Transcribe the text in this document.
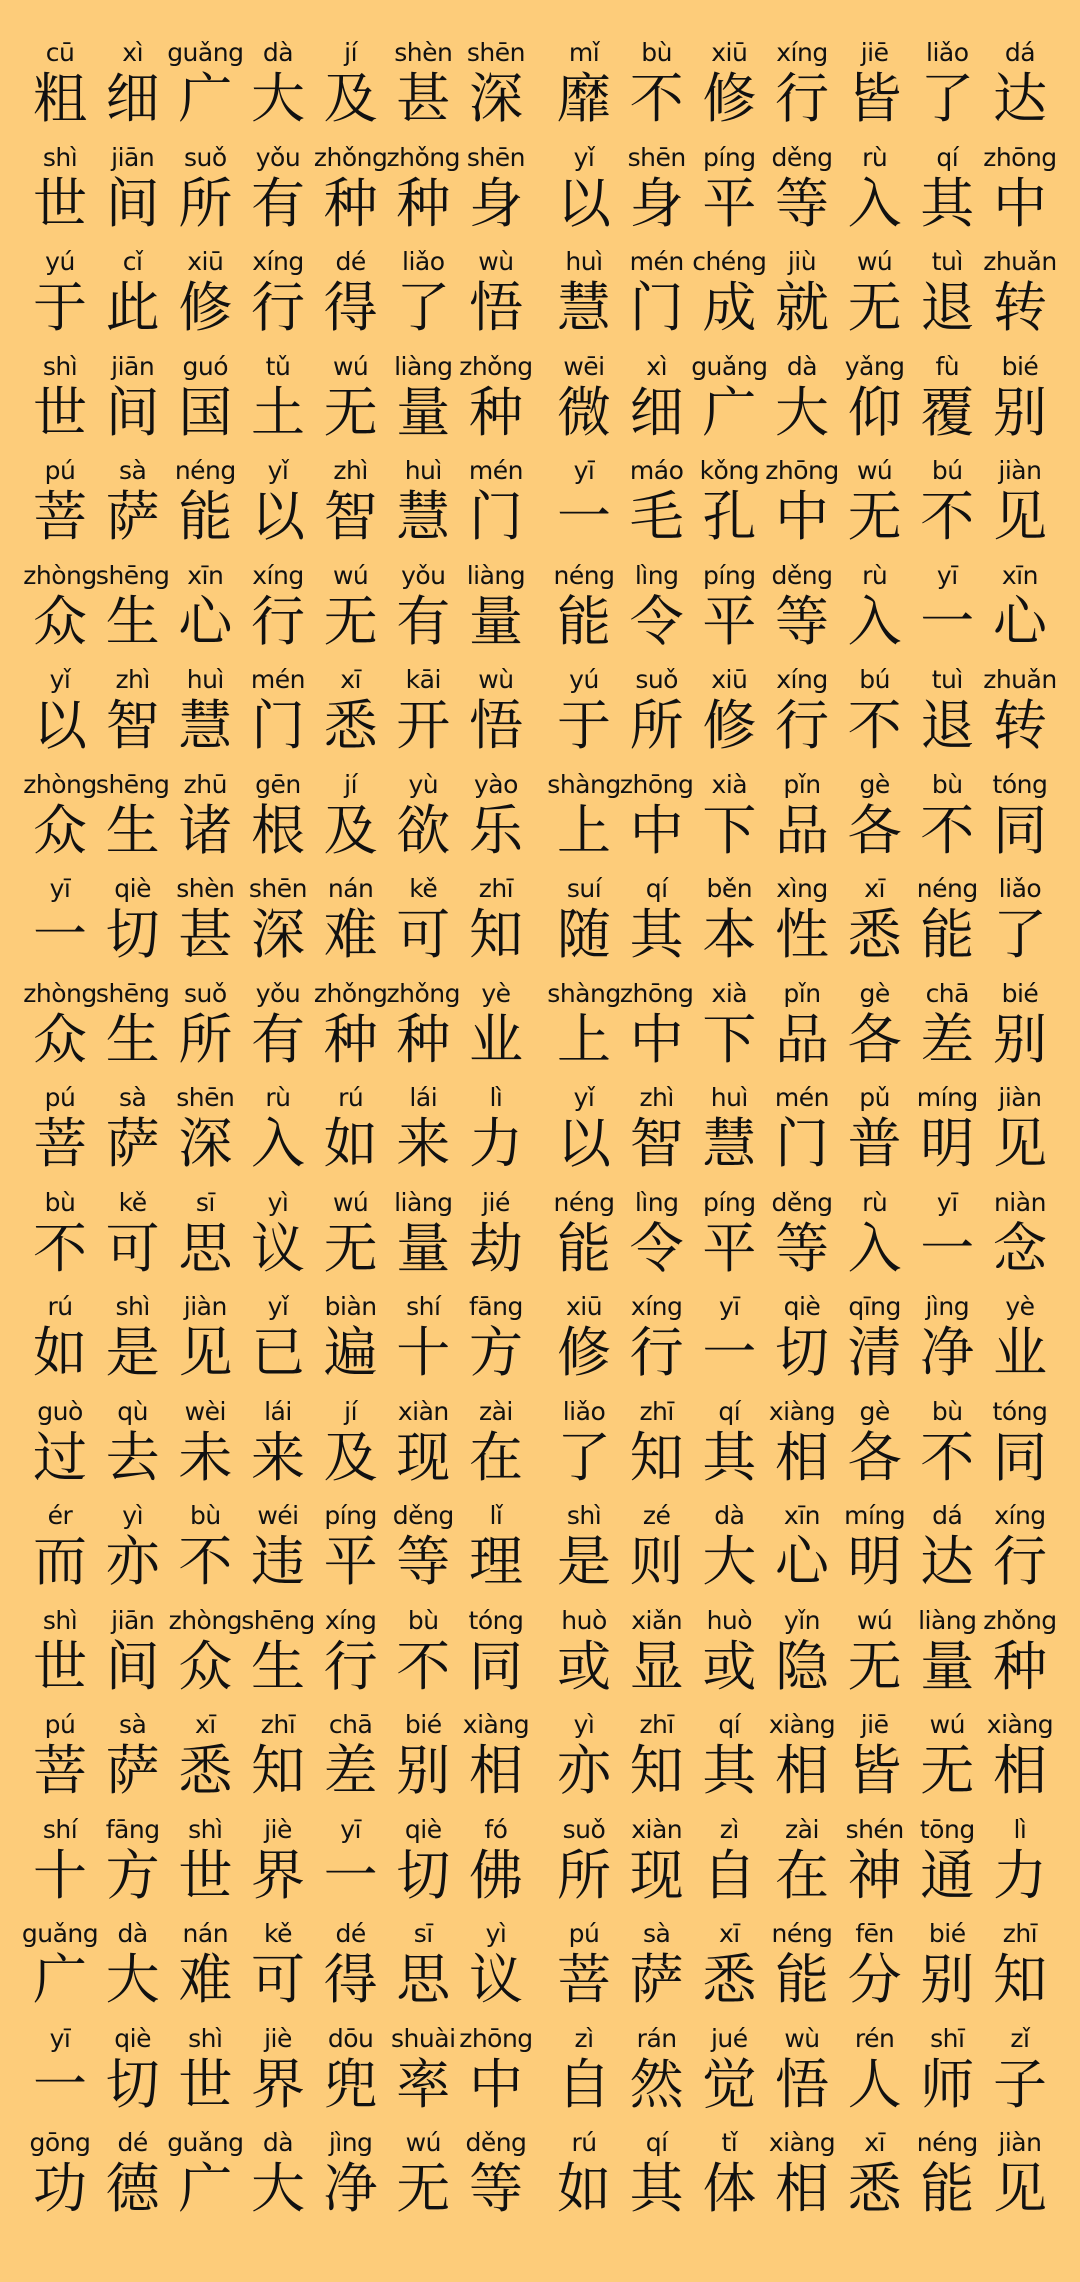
cū
粗
xì
细
guǎng
广
dà
大
jí
及
shèn
甚
shēn
深
shì
世
jiān
间
suǒ
所
yǒu
有
zhǒng
种
zhǒng
种
shēn
身
yú
于
cǐ
此
xiū
修
xíng
行
dé
得
liǎo
了
wù
悟
shì
世
jiān
间
guó
国
tǔ
土
wú
无
liàng
量
zhǒng
种
pú
菩
sà
萨
néng
能
yǐ
以
zhì
智
huì
慧
mén
门
zhòng
众
shēng
生
xīn
心
xíng
行
wú
无
yǒu
有
liàng
量
yǐ
以
zhì
智
huì
慧
mén
门
xī
悉
kāi
开
wù
悟
zhòng
众
shēng
生
zhū
诸
gēn
根
jí
及
yù
欲
yào
乐
yī
一
qiè
切
shèn
甚
shēn
深
nán
难
kě
可
zhī
知
zhòng
众
shēng
生
suǒ
所
yǒu
有
zhǒng
种
zhǒng
种
yè
业
pú
菩
sà
萨
shēn
深
rù
入
rú
如
lái
来
lì
力
bù
不
kě
可
sī
思
yì
议
wú
无
liàng
量
jié
劫
rú
如
shì
是
jiàn
见
yǐ
已
biàn
遍
shí
十
fāng
方
guò
过
qù
去
wèi
未
lái
来
jí
及
xiàn
现
zài
在
ér
而
yì
亦
bù
不
wéi
违
píng
平
děng
等
lǐ
理
shì
世
jiān
间
zhòng
众
shēng
生
xíng
行
bù
不
tóng
同
pú
菩
sà
萨
xī
悉
zhī
知
chā
差
bié
别
xiàng
相
shí
十
fāng
方
shì
世
jiè
界
yī
一
qiè
切
fó
佛
guǎng
广
dà
大
nán
难
kě
可
dé
得
sī
思
yì
议
yī
一
qiè
切
shì
世
jiè
界
dōu
兜
shuài
率
zhōng
中
gōng
功
dé
德
guǎng
广
dà
大
jìng
净
wú
无
děng
等
mǐ
靡
bù
不
xiū
修
xíng
行
jiē
皆
liǎo
了
dá
达
yǐ
以
shēn
身
píng
平
děng
等
rù
入
qí
其
zhōng
中
huì
慧
mén
门
chéng
成
jiù
就
wú
无
tuì
退
zhuǎn
转
wēi
微
xì
细
guǎng
广
dà
大
yǎng
仰
fù
覆
bié
别
yī
一
máo
毛
kǒng
孔
zhōng
中
wú
无
bú
不
jiàn
见
néng
能
lìng
令
píng
平
děng
等
rù
入
yī
一
xīn
心
yú
于
suǒ
所
xiū
修
xíng
行
bú
不
tuì
退
zhuǎn
转
shàng
上
zhōng
中
xià
下
pǐn
品
gè
各
bù
不
tóng
同
suí
随
qí
其
běn
本
xìng
性
xī
悉
néng
能
liǎo
了
shàng
上
zhōng
中
xià
下
pǐn
品
gè
各
chā
差
bié
别
yǐ
以
zhì
智
huì
慧
mén
门
pǔ
普
míng
明
jiàn
见
néng
能
lìng
令
píng
平
děng
等
rù
入
yī
一
niàn
念
xiū
修
xíng
行
yī
一
qiè
切
qīng
清
jìng
净
yè
业
liǎo
了
zhī
知
qí
其
xiàng
相
gè
各
bù
不
tóng
同
shì
是
zé
则
dà
大
xīn
心
míng
明
dá
达
xíng
行
huò
或
xiǎn
显
huò
或
yǐn
隐
wú
无
liàng
量
zhǒng
种
yì
亦
zhī
知
qí
其
xiàng
相
jiē
皆
wú
无
xiàng
相
suǒ
所
xiàn
现
zì
自
zài
在
shén
神
tōng
通
lì
力
pú
菩
sà
萨
xī
悉
néng
能
fēn
分
bié
别
zhī
知
zì
自
rán
然
jué
觉
wù
悟
rén
人
shī
师
zǐ
子
rú
如
qí
其
tǐ
体
xiàng
相
xī
悉
néng
能
jiàn
见
